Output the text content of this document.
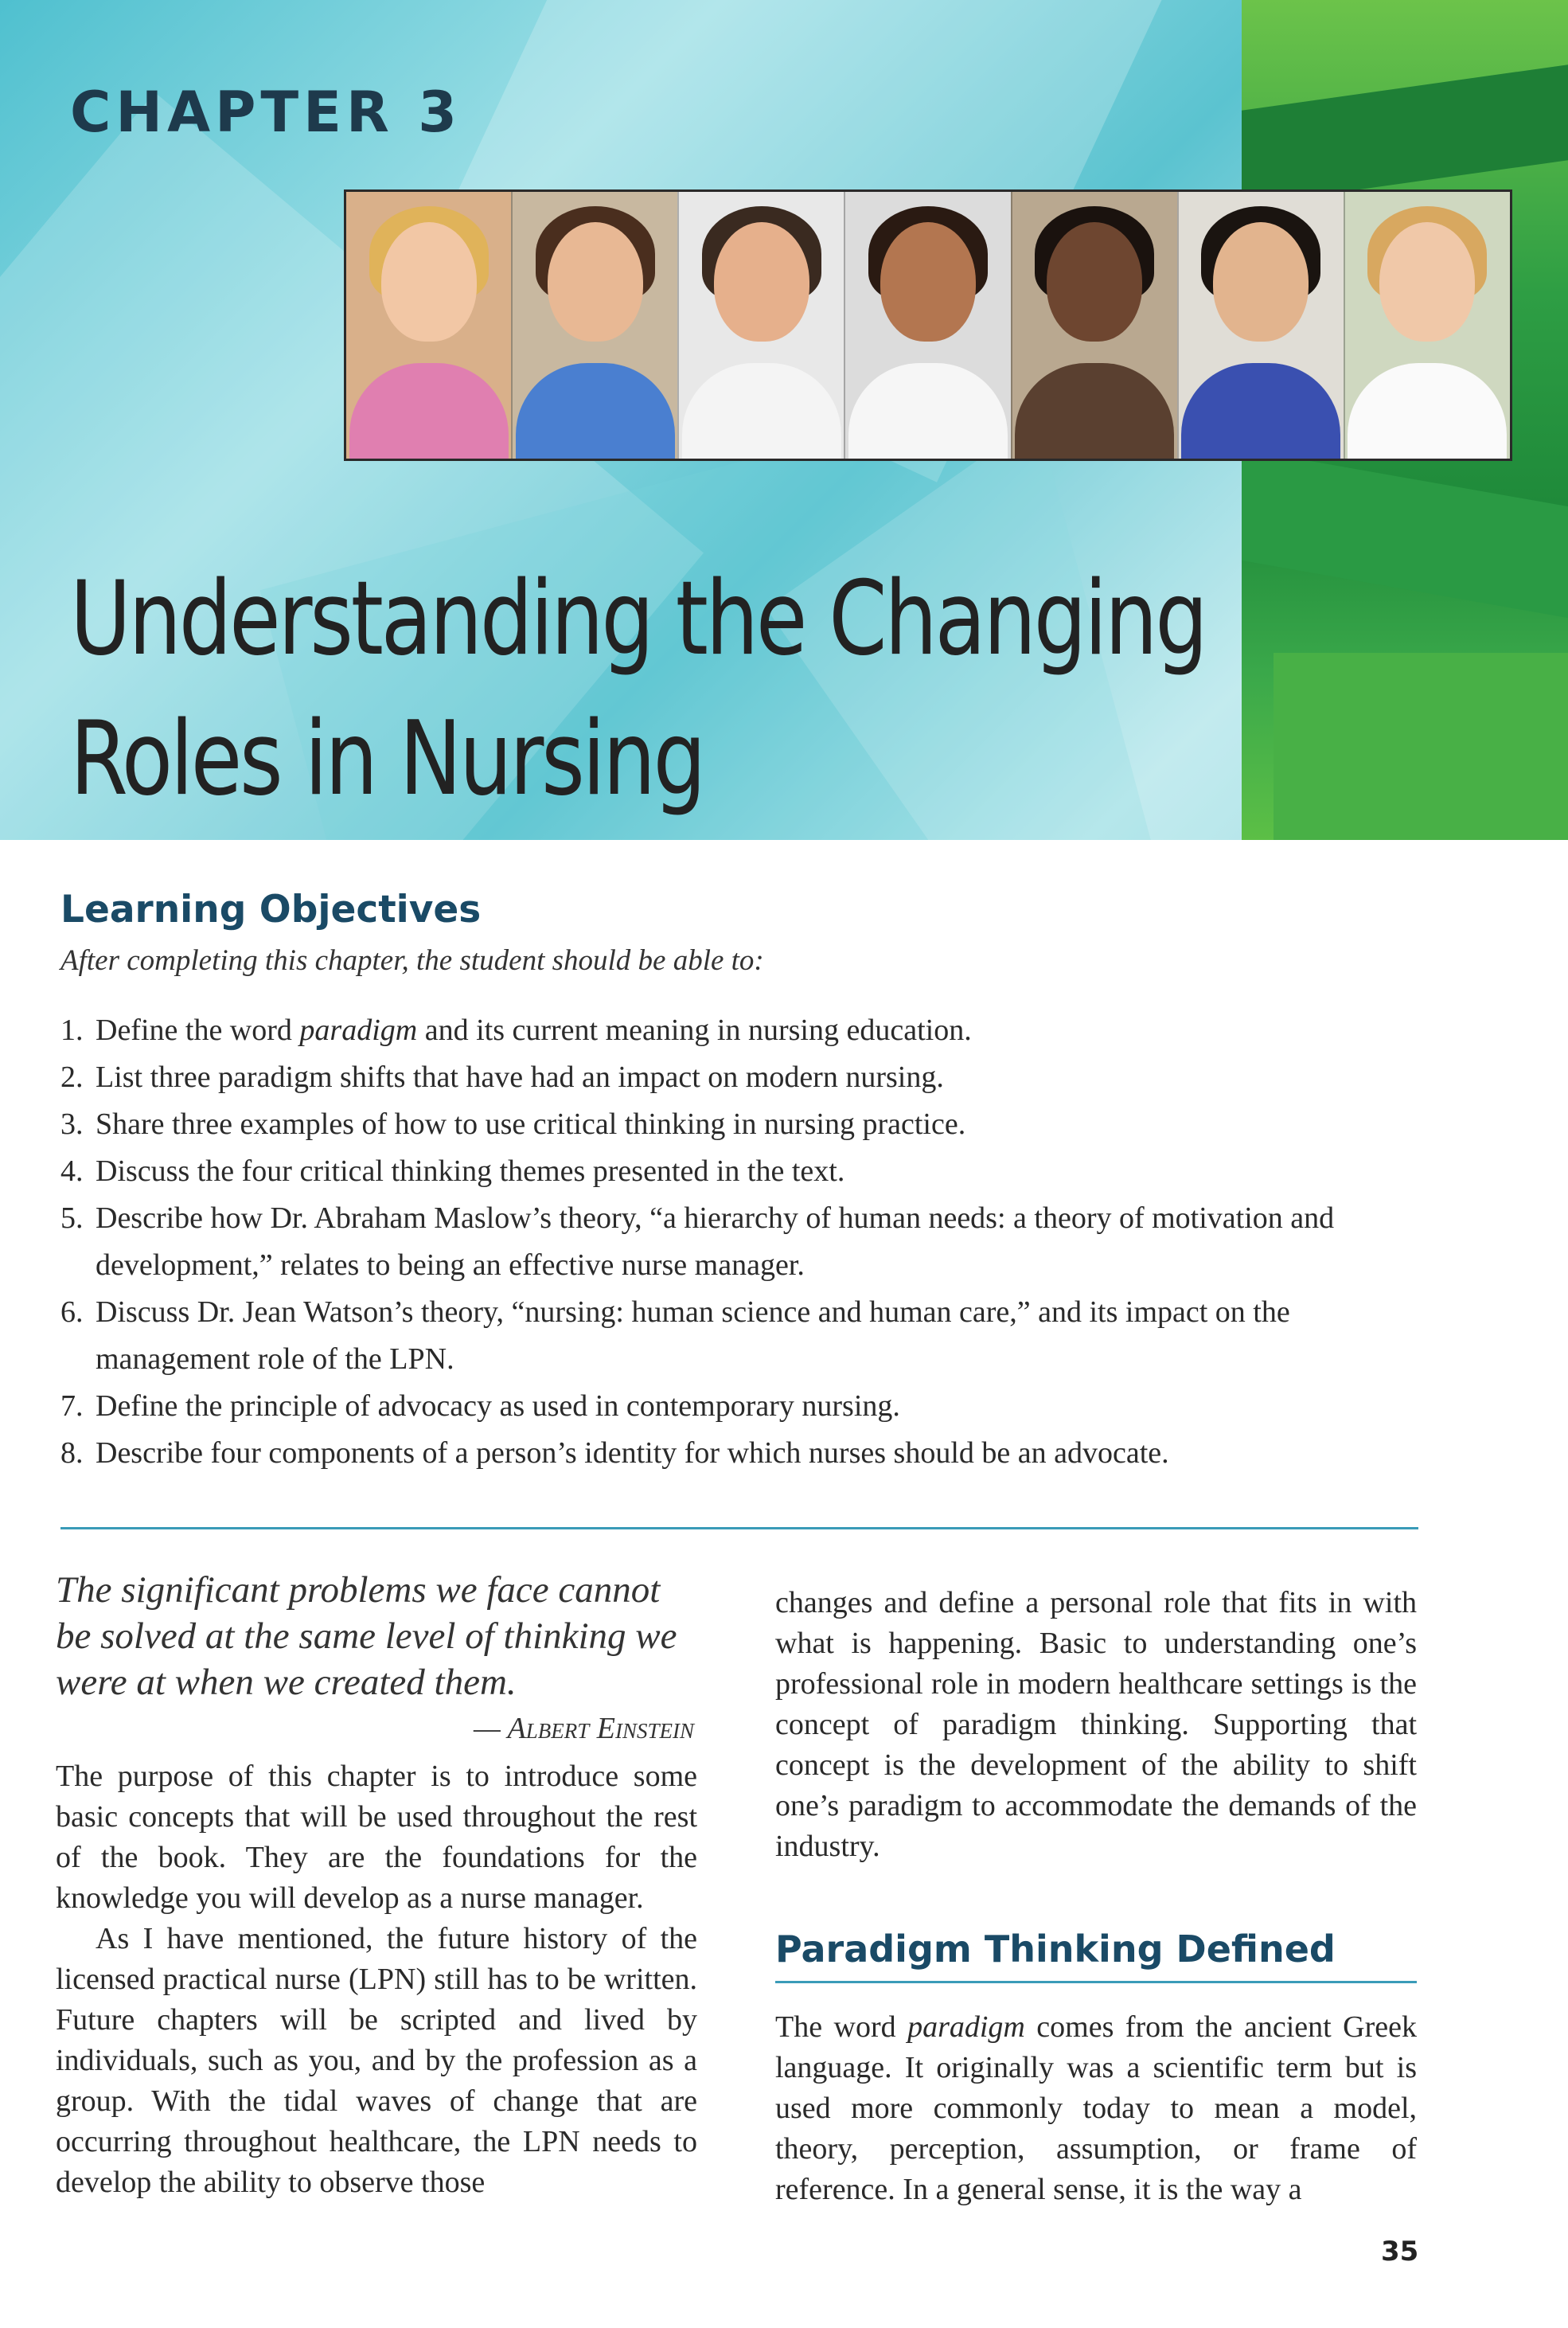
CHAPTER 3
Understanding the Changing
Roles in Nursing
Learning Objectives
After completing this chapter, the student should be able to:
1. Define the word paradigm and its current meaning in nursing education.
2. List three paradigm shifts that have had an impact on modern nursing.
3. Share three examples of how to use critical thinking in nursing practice.
4. Discuss the four critical thinking themes presented in the text.
5. Describe how Dr. Abraham Maslow’s theory, “a hierarchy of human needs: a theory of motivation and development,” relates to being an effective nurse manager.
6. Discuss Dr. Jean Watson’s theory, “nursing: human science and human care,” and its impact on the management role of the LPN.
7. Define the principle of advocacy as used in contemporary nursing.
8. Describe four components of a person’s identity for which nurses should be an advocate.

The significant problems we face cannot be solved at the same level of thinking we were at when we created them.

— Albert Einstein

The purpose of this chapter is to introduce some basic concepts that will be used throughout the rest of the book. They are the foundations for the knowledge you will develop as a nurse manager.

As I have mentioned, the future history of the licensed practical nurse (LPN) still has to be written. Future chapters will be scripted and lived by individuals, such as you, and by the profession as a group. With the tidal waves of change that are occurring throughout healthcare, the LPN needs to develop the ability to observe those

changes and define a personal role that fits in with what is happening. Basic to understanding one’s professional role in modern healthcare settings is the concept of paradigm thinking. Supporting that concept is the development of the ability to shift one’s paradigm to accommodate the demands of the industry.

Paradigm Thinking Defined

The word paradigm comes from the ancient Greek language. It originally was a scientific term but is used more commonly today to mean a model, theory, perception, assumption, or frame of reference. In a general sense, it is the way a

35
